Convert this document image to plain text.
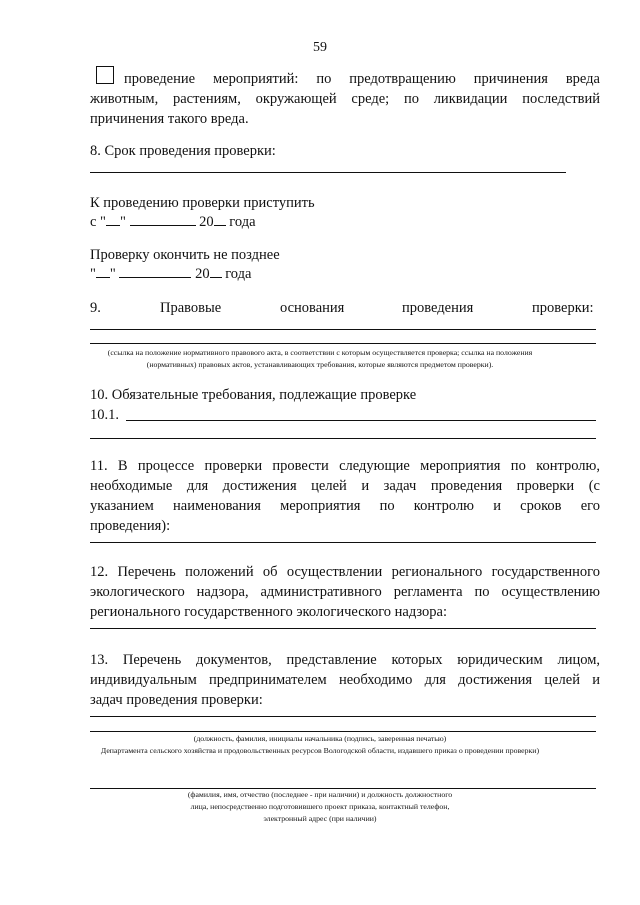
59
проведение мероприятий: по предотвращению причинения вреда
животным, растениям, окружающей среде; по ликвидации последствий
причинения такого вреда.
8. Срок проведения проверки:
К проведению проверки приступить
с " "	20 года
Проверку окончить не позднее
" "	20 года
9.	Правовые	основания	проведения	проверки:
(ссылка на положение нормативного правового акта, в соответствии с которым осуществляется проверка; ссылка на положения
(нормативных) правовых актов, устанавливающих требования, которые являются предметом проверки).
10. Обязательные требования, подлежащие проверке
10.1.
11. В процессе проверки провести следующие мероприятия по контролю,
необходимые для достижения целей и задач проведения проверки (с
указанием наименования мероприятия по контролю и сроков его
проведения):
12. Перечень положений об осуществлении регионального государственного
экологического надзора, административного регламента по осуществлению
регионального государственного экологического надзора:
13. Перечень документов, представление которых юридическим лицом,
индивидуальным предпринимателем необходимо для достижения целей и
задач проведения проверки:
(должность, фамилия, инициалы начальника (подпись, заверенная печатью)
Департамента сельского хозяйства и продовольственных ресурсов Вологодской области, издавшего приказ о проведении проверки)
(фамилия, имя, отчество (последнее - при наличии) и должность должностного
лица, непосредственно подготовившего проект приказа, контактный телефон,
электронный адрес (при наличии)
